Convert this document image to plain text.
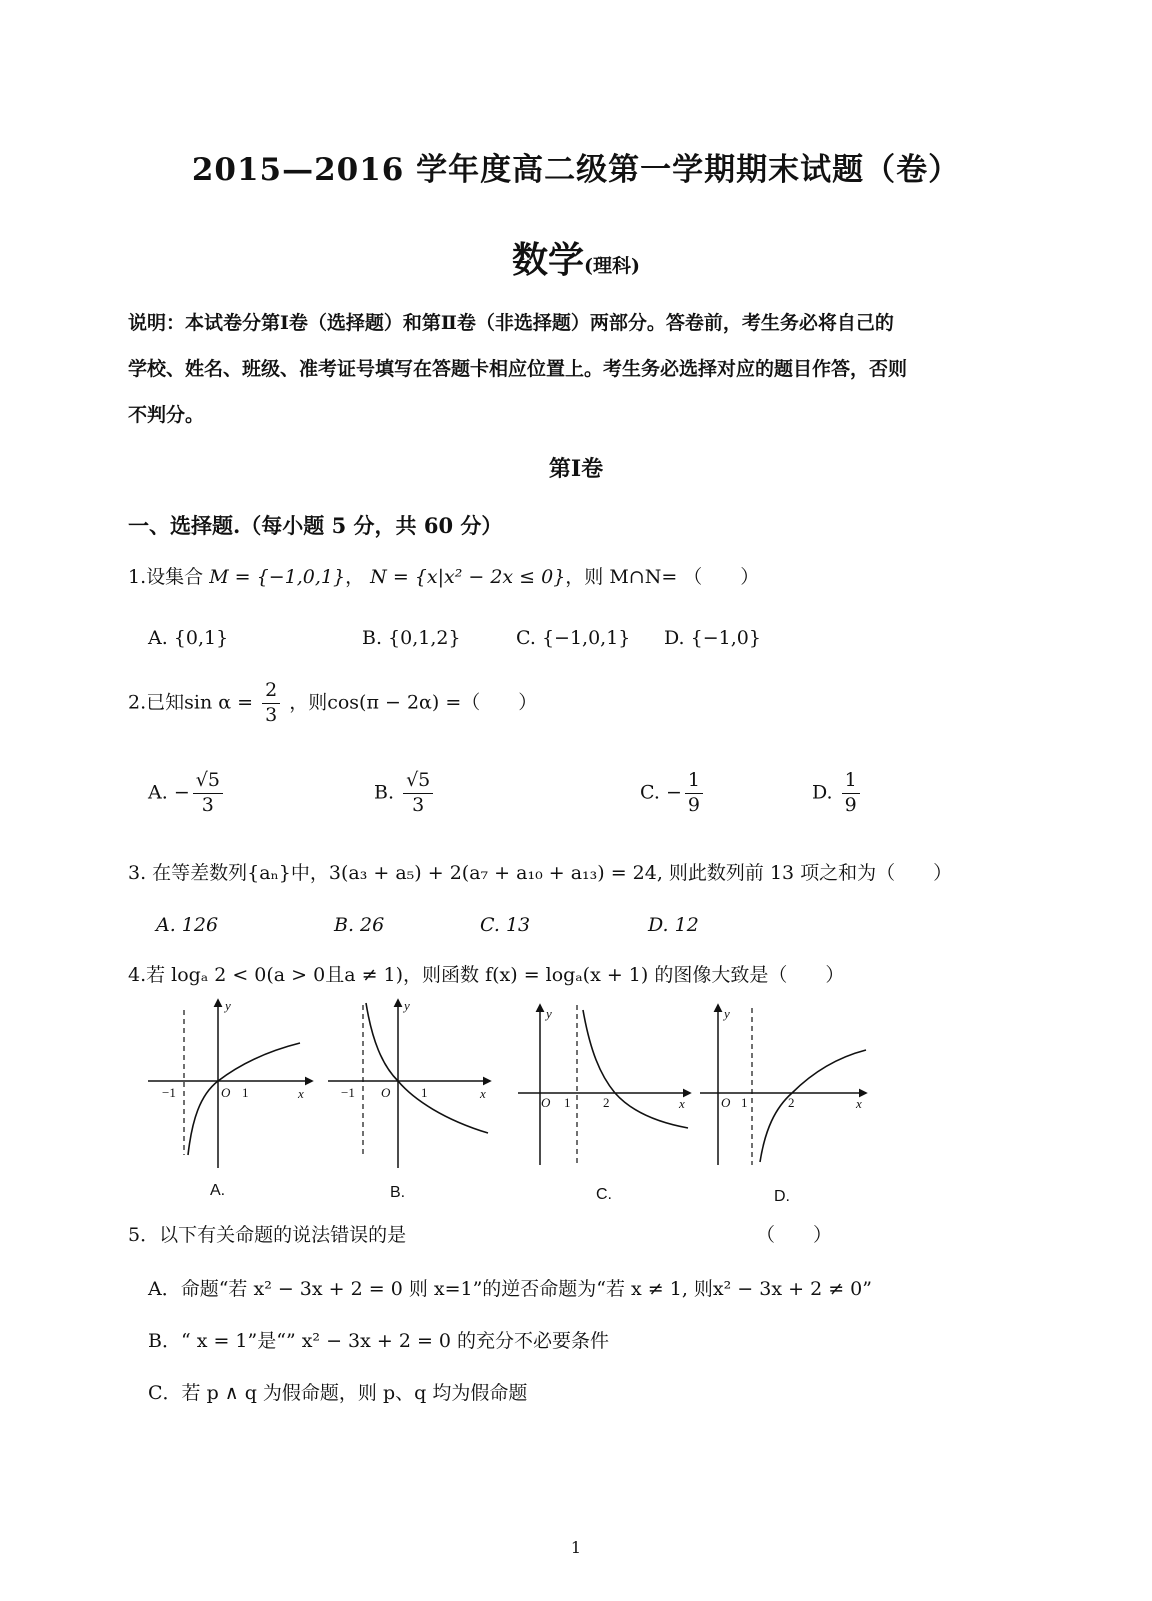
2015—2016 学年度高二级第一学期期末试题（卷）
数学(理科)
说明：本试卷分第Ⅰ卷（选择题）和第Ⅱ卷（非选择题）两部分。答卷前，考生务必将自己的
学校、姓名、班级、准考证号填写在答题卡相应位置上。考生务必选择对应的题目作答，否则
不判分。
第Ⅰ卷
一、选择题.（每小题 5 分，共 60 分）
1.设集合 M = {−1,0,1}， N = {x|x² − 2x ≤ 0}，则 M∩N= （　　）
A. {0,1}	B. {0,1,2}	C. {−1,0,1} D. {−1,0}
2.已知$\sin \alpha = \frac{2}{3}$ ，则cos(π − 2α) =（　　）
A. − $\frac{√5}{3}$	B. $\frac{√5}{3}$	C. − $\frac{1}{9}$	D. $\frac{1}{9}$
3. 在等差数列{aₙ}中，3(a₃ + a₅) + 2(a₇ + a₁₀ + a₁₃) = 24, 则此数列前 13 项之和为（　　）
A. 126	B. 26	C. 13	D. 12
4.若 logₐ 2 < 0(a > 0且a ≠ 1)，则函数 f(x) = logₐ(x + 1) 的图像大致是（　　）
y
x
−1	O 1
y
x
−1 O 1
y
x
O 1	2
y
x
O 1	2
A.	B.	C.	D.
5．以下有关命题的说法错误的是	（　　）
A．命题“若 x² − 3x + 2 = 0 则 x=1”的逆否命题为“若 x ≠ 1, 则x² − 3x + 2 ≠ 0”
B．“ x = 1”是“” x² − 3x + 2 = 0 的充分不必要条件
C．若 p ∧ q 为假命题，则 p、q 均为假命题
1
